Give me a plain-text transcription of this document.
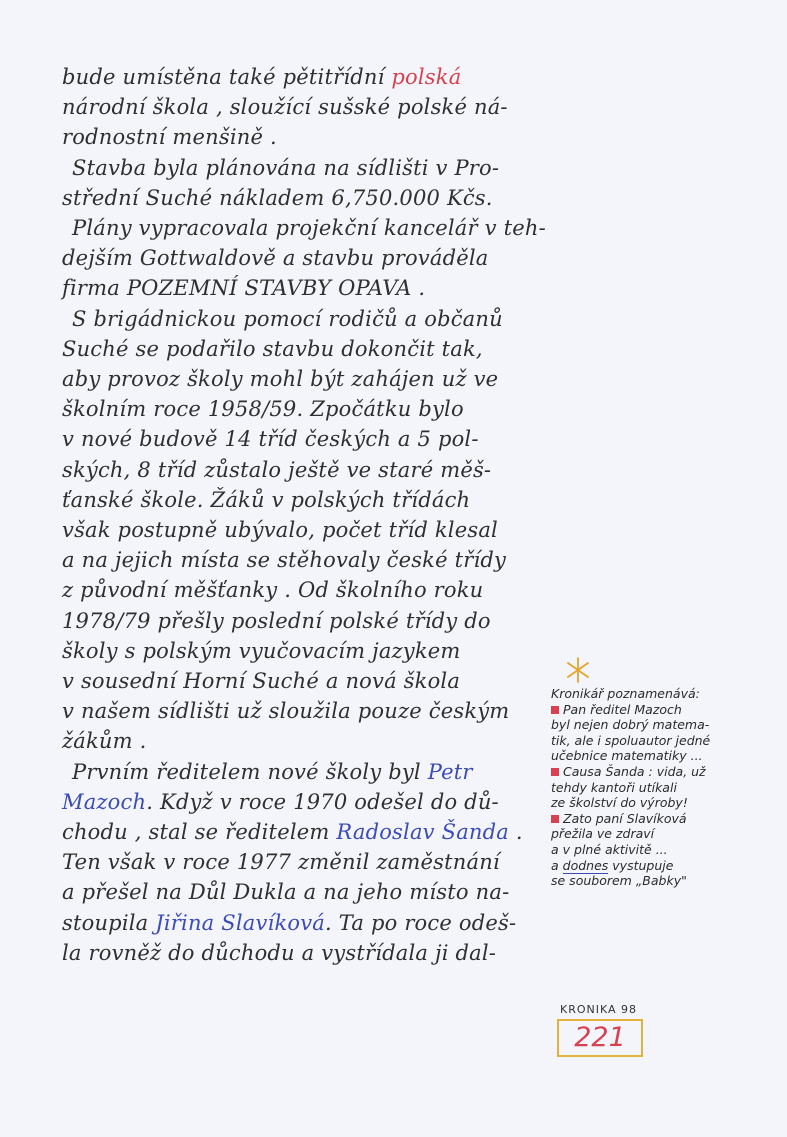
bude umístěna také pětitřídní polská
národní škola , sloužící sušské polské ná-
rodnostní menšině .
Stavba byla plánována na sídlišti v Pro-
střední Suché nákladem 6,750.000 Kčs.
Plány vypracovala projekční kancelář v teh-
dejším Gottwaldově a stavbu prováděla
firma POZEMNÍ STAVBY OPAVA .
S brigádnickou pomocí rodičů a občanů
Suché se podařilo stavbu dokončit tak,
aby provoz školy mohl být zahájen už ve
školním roce 1958/59. Zpočátku bylo
v nové budově 14 tříd českých a 5 pol-
ských, 8 tříd zůstalo ještě ve staré měš-
ťanské škole. Žáků v polských třídách
však postupně ubývalo, počet tříd klesal
a na jejich místa se stěhovaly české třídy
z původní měšťanky . Od školního roku
1978/79 přešly poslední polské třídy do
školy s polským vyučovacím jazykem
v sousední Horní Suché a nová škola
v našem sídlišti už sloužila pouze českým
žákům .
Prvním ředitelem nové školy byl Petr
Mazoch. Když v roce 1970 odešel do dů-
chodu , stal se ředitelem Radoslav Šanda .
Ten však v roce 1977 změnil zaměstnání
a přešel na Důl Dukla a na jeho místo na-
stoupila Jiřina Slavíková. Ta po roce odeš-
la rovněž do důchodu a vystřídala ji dal-
Kronikář poznamenává:
Pan ředitel Mazoch
byl nejen dobrý matema-
tik, ale i spoluautor jedné
učebnice matematiky ...
Causa Šanda : vida, už
tehdy kantoři utíkali
ze školství do výroby!
Zato paní Slavíková
přežila ve zdraví
a v plné aktivitě ...
a dodnes vystupuje
se souborem „Babky"
KRONIKA 98
221
